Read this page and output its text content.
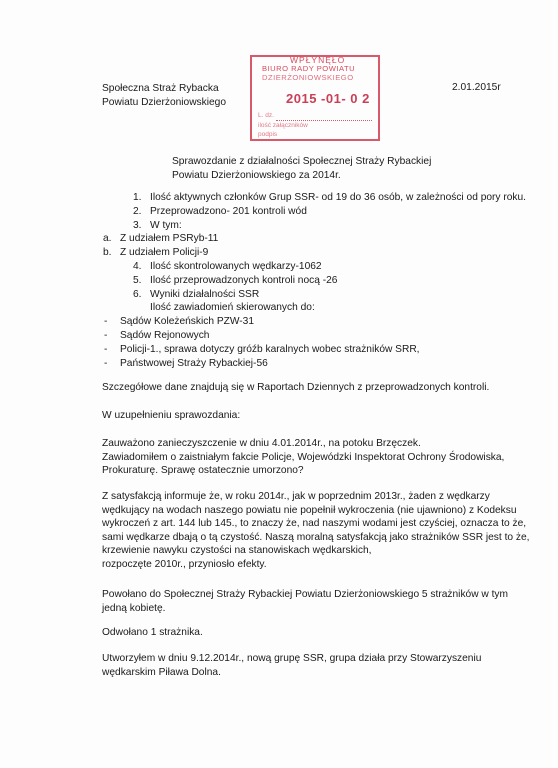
Społeczna Straż Rybacka
Powiatu Dzierżoniowskiego
2.01.2015r
WPŁYNĘŁO
BIURO RADY POWIATU
DZIERŻONIOWSKIEGO
2015 -01- 0 2
L. dz.
ilość załączników
podpis
Sprawozdanie z działalności Społecznej Straży Rybackiej
Powiatu Dzierżoniowskiego za 2014r.
1. Ilość aktywnych członków Grup SSR- od 19 do 36 osób, w zależności od pory roku.
2. Przeprowadzono- 201 kontroli wód
3. W tym:
a. Z udziałem PSRyb-11
b. Z udziałem Policji-9
4. Ilość skontrolowanych wędkarzy-1062
5. Ilość przeprowadzonych kontroli nocą -26
6. Wyniki działalności SSR
Ilość zawiadomień skierowanych do:
- Sądów Koleżeńskich PZW-31
- Sądów Rejonowych
- Policji-1., sprawa dotyczy gróźb karalnych wobec strażników SRR,
- Państwowej Straży Rybackiej-56
Szczegółowe dane znajdują się w Raportach Dziennych z przeprowadzonych kontroli.
W uzupełnieniu sprawozdania:
Zauważono zanieczyszczenie w dniu 4.01.2014r., na potoku Brzęczek.
Zawiadomiłem o zaistniałym fakcie Policje, Wojewódzki Inspektorat Ochrony Środowiska,
Prokuraturę. Sprawę ostatecznie umorzono?
Z satysfakcją informuje że, w roku 2014r., jak w poprzednim 2013r., żaden z wędkarzy
wędkujący na wodach naszego powiatu nie popełnił wykroczenia (nie ujawniono) z Kodeksu
wykroczeń z art. 144 lub 145., to znaczy że, nad naszymi wodami jest czyściej, oznacza to że,
sami wędkarze dbają o tą czystość. Naszą moralną satysfakcją jako strażników SSR jest to że,
krzewienie nawyku czystości na stanowiskach wędkarskich,
rozpoczęte 2010r., przyniosło efekty.
Powołano do Społecznej Straży Rybackiej Powiatu Dzierżoniowskiego 5 strażników w tym
jedną kobietę.
Odwołano 1 strażnika.
Utworzyłem w dniu 9.12.2014r., nową grupę SSR, grupa działa przy Stowarzyszeniu
wędkarskim Piława Dolna.
